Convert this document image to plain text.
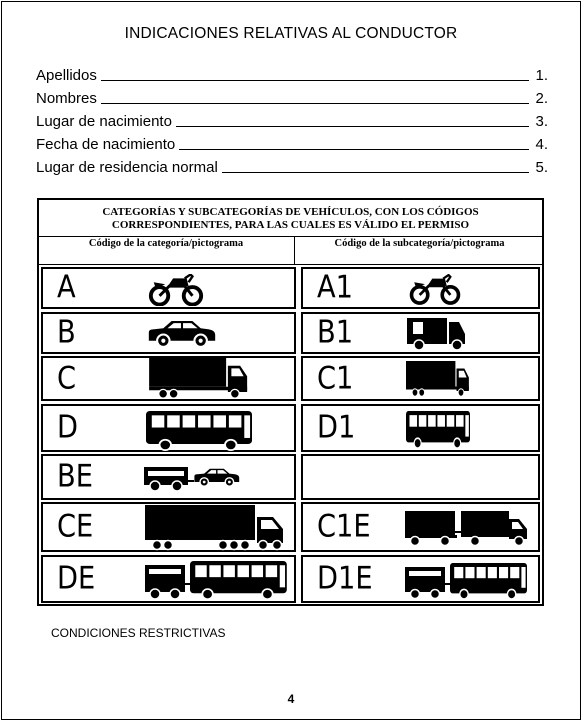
INDICACIONES RELATIVAS AL CONDUCTOR
Apellidos	1.
Nombres	2.
Lugar de nacimiento	3.
Fecha de nacimiento	4.
Lugar de residencia normal	5.
CONDICIONES RESTRICTIVAS
4
CATEGORÍAS Y SUBCATEGORÍAS DE VEHÍCULOS, CON LOS CÓDIGOS
CORRESPONDIENTES, PARA LAS CUALES ES VÁLIDO EL PERMISO
Código de la categoría/pictograma	Código de la subcategoría/pictograma
A	A1
B	B1
C	C1
D	D1
BE
CE	C1E
DE	D1E
